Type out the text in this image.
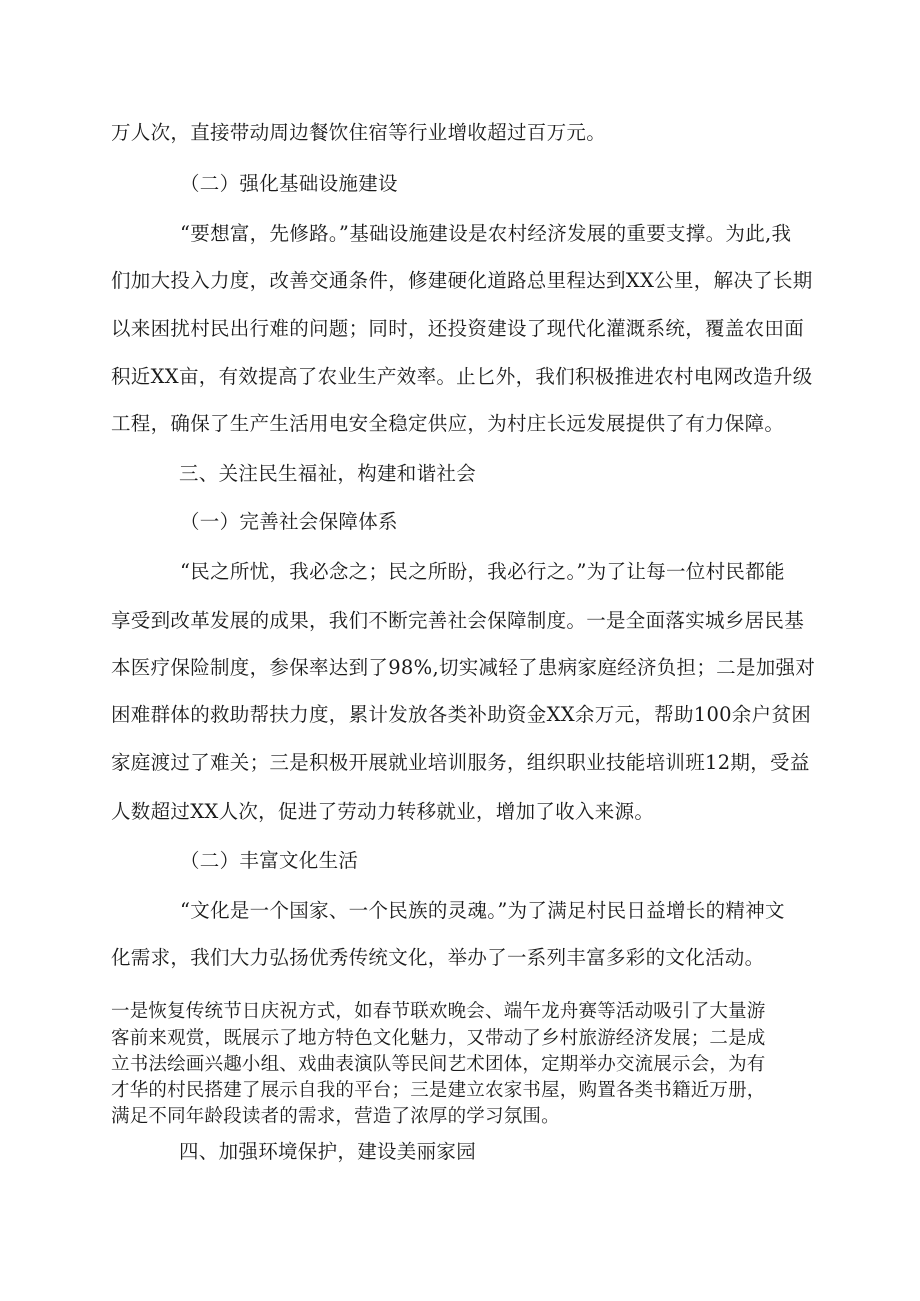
万人次，直接带动周边餐饮住宿等行业增收超过百万元。
（二）强化基础设施建设
“要想富，先修路。”基础设施建设是农村经济发展的重要支撑。为此,我
们加大投入力度，改善交通条件，修建硬化道路总里程达到XX公里，解决了长期
以来困扰村民出行难的问题；同时，还投资建设了现代化灌溉系统，覆盖农田面
积近XX亩，有效提高了农业生产效率。止匕外，我们积极推进农村电网改造升级
工程，确保了生产生活用电安全稳定供应，为村庄长远发展提供了有力保障。
三、关注民生福祉，构建和谐社会
（一）完善社会保障体系
“民之所忧，我必念之；民之所盼，我必行之。”为了让每一位村民都能
享受到改革发展的成果，我们不断完善社会保障制度。一是全面落实城乡居民基
本医疗保险制度，参保率达到了98%,切实减轻了患病家庭经济负担；二是加强对
困难群体的救助帮扶力度，累计发放各类补助资金XX余万元，帮助100余户贫困
家庭渡过了难关；三是积极开展就业培训服务，组织职业技能培训班12期，受益
人数超过XX人次，促进了劳动力转移就业，增加了收入来源。
（二）丰富文化生活
“文化是一个国家、一个民族的灵魂。”为了满足村民日益增长的精神文
化需求，我们大力弘扬优秀传统文化，举办了一系列丰富多彩的文化活动。
一是恢复传统节日庆祝方式，如春节联欢晚会、端午龙舟赛等活动吸引了大量游
客前来观赏，既展示了地方特色文化魅力，又带动了乡村旅游经济发展；二是成
立书法绘画兴趣小组、戏曲表演队等民间艺术团体，定期举办交流展示会，为有
才华的村民搭建了展示自我的平台；三是建立农家书屋，购置各类书籍近万册，
满足不同年龄段读者的需求，营造了浓厚的学习氛围。
四、加强环境保护，建设美丽家园
